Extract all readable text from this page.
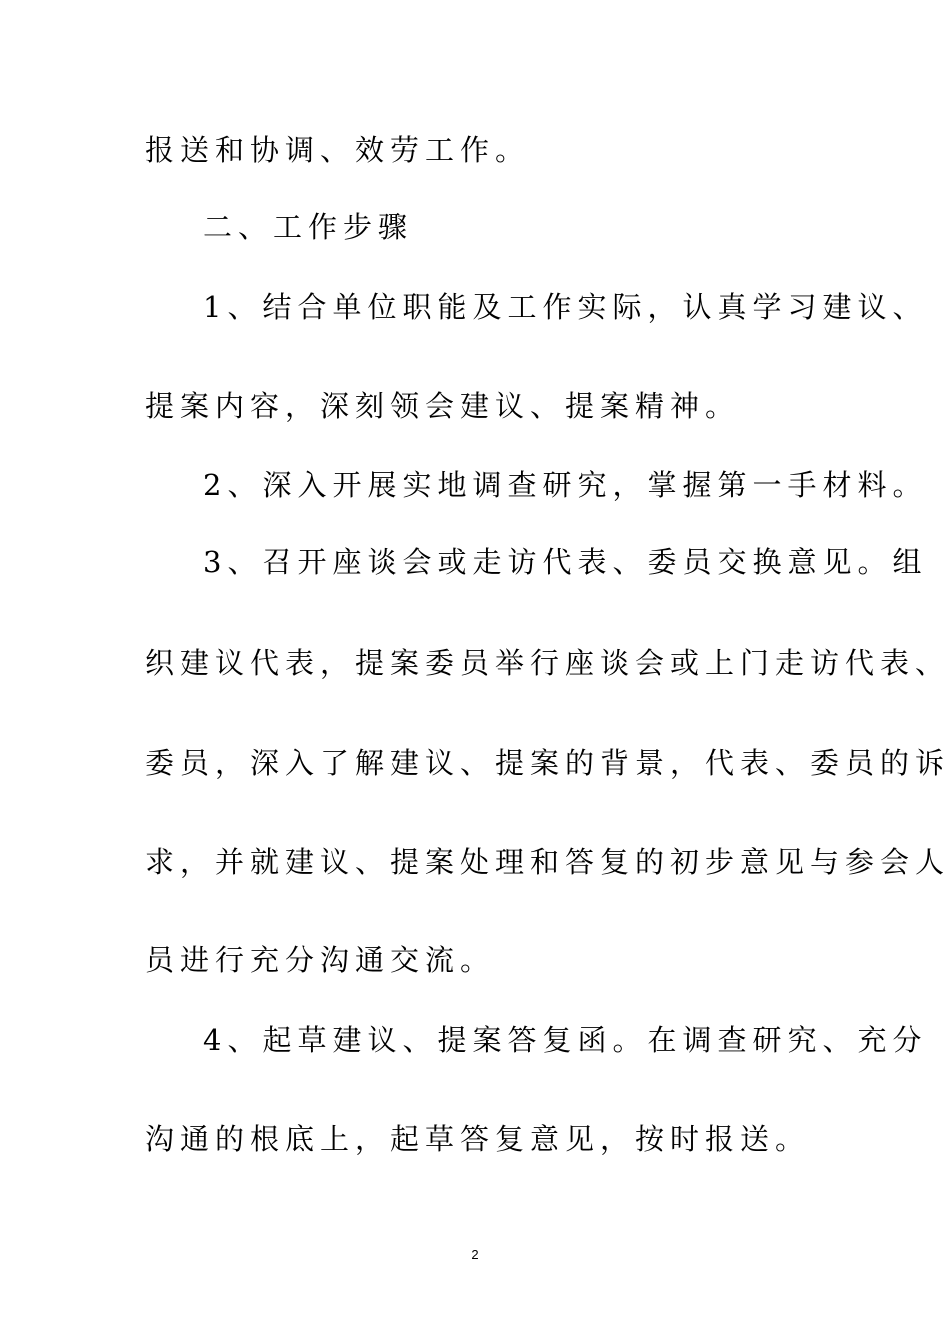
报送和协调、效劳工作。
二、工作步骤
1、结合单位职能及工作实际，认真学习建议、
提案内容，深刻领会建议、提案精神。
2、深入开展实地调查研究，掌握第一手材料。
3、召开座谈会或走访代表、委员交换意见。组
织建议代表，提案委员举行座谈会或上门走访代表、
委员，深入了解建议、提案的背景，代表、委员的诉
求，并就建议、提案处理和答复的初步意见与参会人
员进行充分沟通交流。
4、起草建议、提案答复函。在调查研究、充分
沟通的根底上，起草答复意见，按时报送。
2
